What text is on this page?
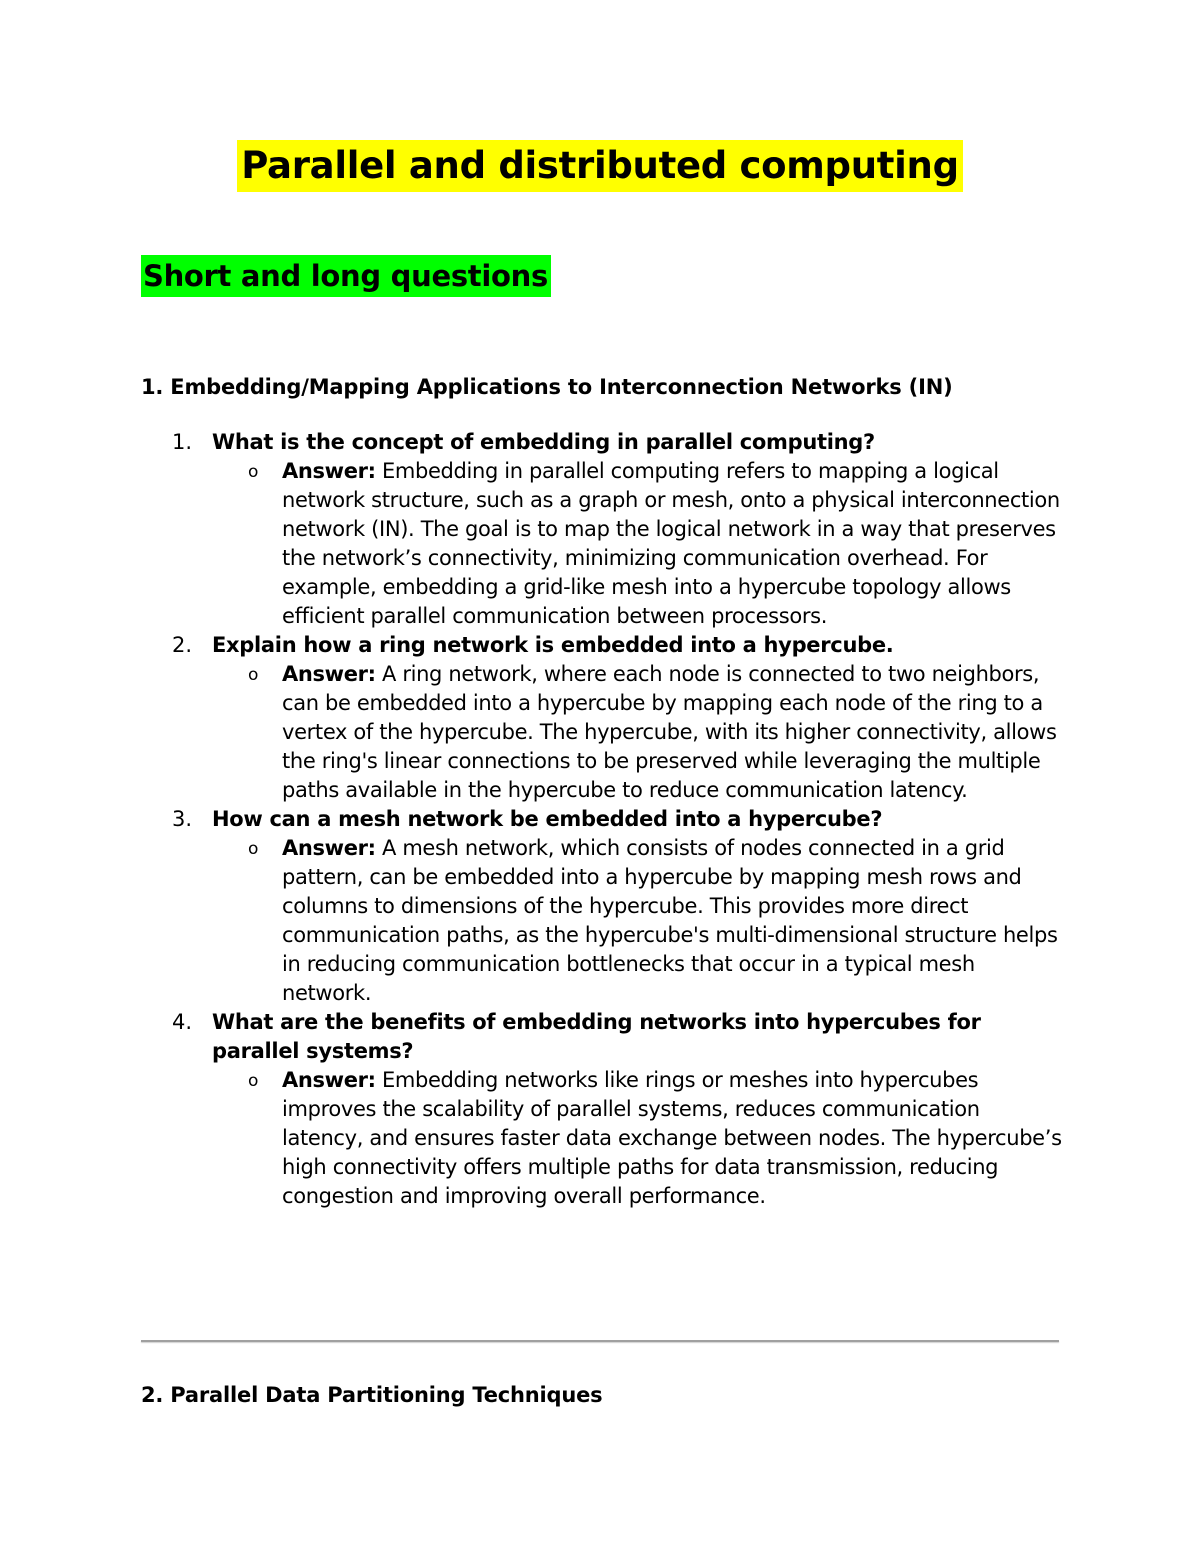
Parallel and distributed computing
Short and long questions
1. Embedding/Mapping Applications to Interconnection Networks (IN)
1. What is the concept of embedding in parallel computing?
o Answer: Embedding in parallel computing refers to mapping a logical network structure, such as a graph or mesh, onto a physical interconnection network (IN). The goal is to map the logical network in a way that preserves the network’s connectivity, minimizing communication overhead. For example, embedding a grid-like mesh into a hypercube topology allows efficient parallel communication between processors.
2. Explain how a ring network is embedded into a hypercube.
o Answer: A ring network, where each node is connected to two neighbors, can be embedded into a hypercube by mapping each node of the ring to a vertex of the hypercube. The hypercube, with its higher connectivity, allows the ring's linear connections to be preserved while leveraging the multiple paths available in the hypercube to reduce communication latency.
3. How can a mesh network be embedded into a hypercube?
o Answer: A mesh network, which consists of nodes connected in a grid pattern, can be embedded into a hypercube by mapping mesh rows and columns to dimensions of the hypercube. This provides more direct communication paths, as the hypercube's multi-dimensional structure helps in reducing communication bottlenecks that occur in a typical mesh network.
4. What are the benefits of embedding networks into hypercubes for parallel systems?
o Answer: Embedding networks like rings or meshes into hypercubes improves the scalability of parallel systems, reduces communication latency, and ensures faster data exchange between nodes. The hypercube’s high connectivity offers multiple paths for data transmission, reducing congestion and improving overall performance.
2. Parallel Data Partitioning Techniques
